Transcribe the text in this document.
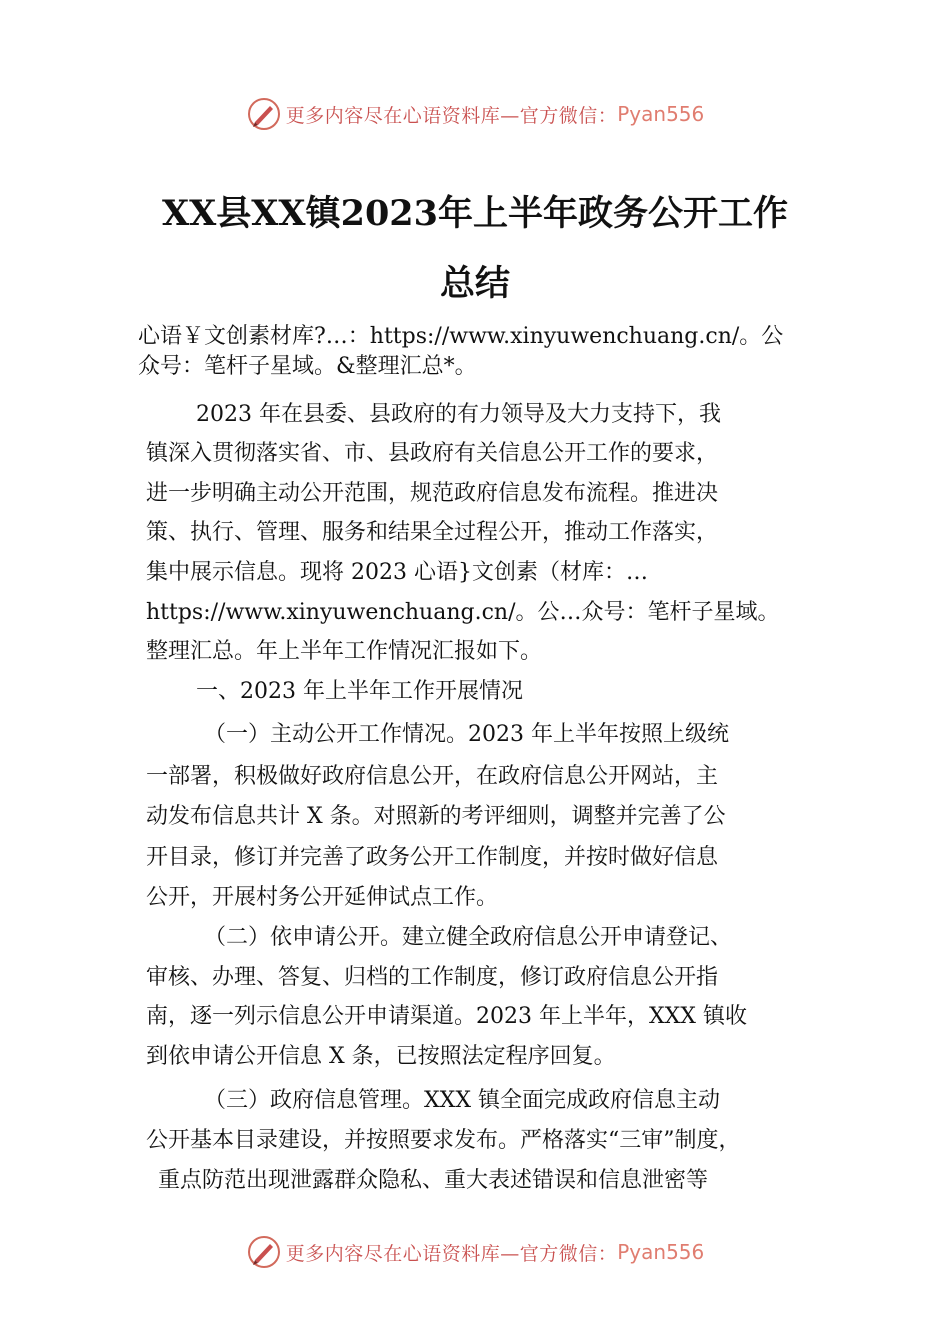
更多内容尽在心语资料库—官方微信： Pyan556
XX县XX镇2023年上半年政务公开工作
总结
心语￥文创素材库?…：https://www.xinyuwenchuang.cn/。公
众号：笔杆子星域。&整理汇总*。
2023 年在县委、县政府的有力领导及大力支持下，我
镇深入贯彻落实省、市、县政府有关信息公开工作的要求，
进一步明确主动公开范围，规范政府信息发布流程。推进决
策、执行、管理、服务和结果全过程公开，推动工作落实，
集中展示信息。现将 2023 心语}文创素（材库：…
https://www.xinyuwenchuang.cn/。公…众号：笔杆子星域。
整理汇总。年上半年工作情况汇报如下。
一、2023 年上半年工作开展情况
（一）主动公开工作情况。2023 年上半年按照上级统
一部署，积极做好政府信息公开，在政府信息公开网站，主
动发布信息共计 X 条。对照新的考评细则，调整并完善了公
开目录，修订并完善了政务公开工作制度，并按时做好信息
公开，开展村务公开延伸试点工作。
（二）依申请公开。建立健全政府信息公开申请登记、
审核、办理、答复、归档的工作制度，修订政府信息公开指
南，逐一列示信息公开申请渠道。2023 年上半年，XXX 镇收
到依申请公开信息 X 条，已按照法定程序回复。
（三）政府信息管理。XXX 镇全面完成政府信息主动
公开基本目录建设，并按照要求发布。严格落实“三审”制度，
重点防范出现泄露群众隐私、重大表述错误和信息泄密等
更多内容尽在心语资料库—官方微信： Pyan556
